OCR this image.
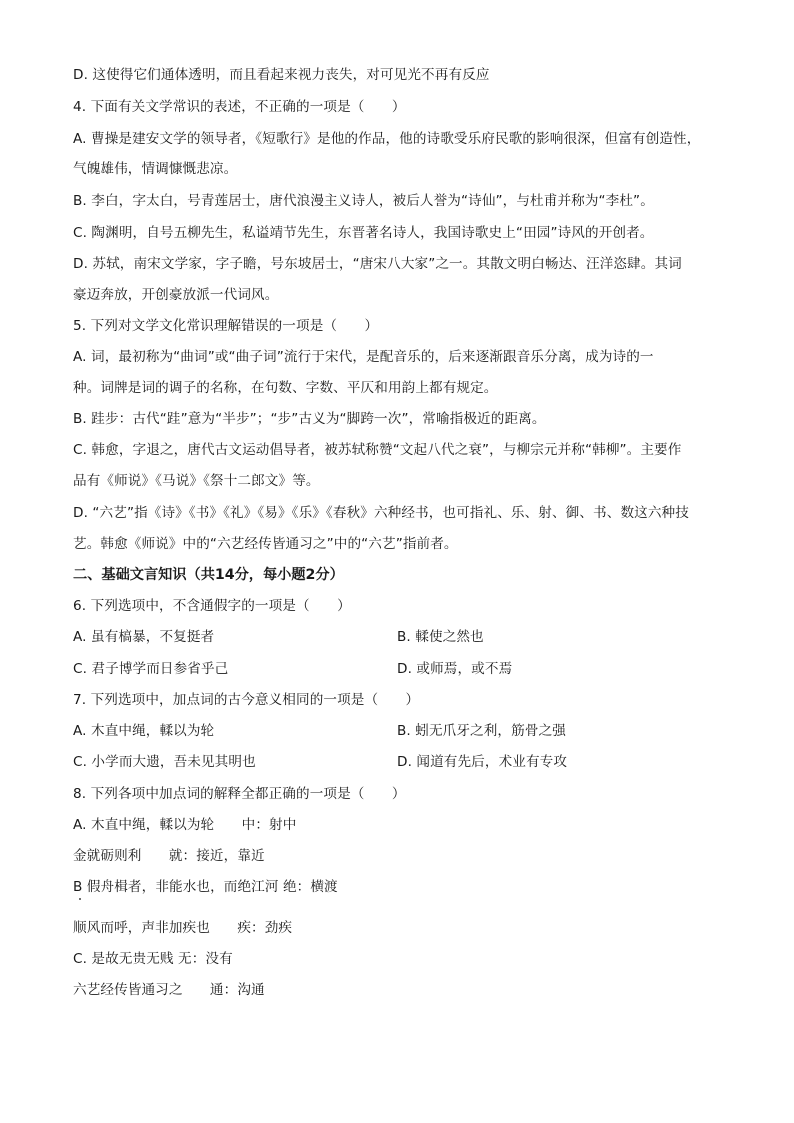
D. 这使得它们通体透明，而且看起来视力丧失，对可见光不再有反应
4. 下面有关文学常识的表述，不正确的一项是（　　）
A. 曹操是建安文学的领导者，《短歌行》是他的作品，他的诗歌受乐府民歌的影响很深，但富有创造性，
气魄雄伟，情调慷慨悲凉。
B. 李白，字太白，号青莲居士，唐代浪漫主义诗人，被后人誉为“诗仙”，与杜甫并称为“李杜”。
C. 陶渊明，自号五柳先生，私谥靖节先生，东晋著名诗人，我国诗歌史上“田园”诗风的开创者。
D. 苏轼，南宋文学家，字子瞻，号东坡居士，“唐宋八大家”之一。其散文明白畅达、汪洋恣肆。其词
豪迈奔放，开创豪放派一代词风。
5. 下列对文学文化常识理解错误的一项是（　　）
A. 词，最初称为“曲词”或“曲子词”流行于宋代，是配音乐的，后来逐渐跟音乐分离，成为诗的一
种。词牌是词的调子的名称，在句数、字数、平仄和用韵上都有规定。
B. 跬步：古代“跬”意为“半步”；“步”古义为“脚跨一次”，常喻指极近的距离。
C. 韩愈，字退之，唐代古文运动倡导者，被苏轼称赞“文起八代之衰”，与柳宗元并称“韩柳”。主要作
品有《师说》《马说》《祭十二郎文》等。
D. “六艺”指《诗》《书》《礼》《易》《乐》《春秋》六种经书，也可指礼、乐、射、御、书、数这六种技
艺。韩愈《师说》中的“六艺经传皆通习之”中的“六艺”指前者。
二、基础文言知识（共14分，每小题2分）
6. 下列选项中，不含通假字的一项是（　　）
A. 虽有槁暴，不复挺者	B. 輮使之然也
C. 君子博学而日参省乎己	D. 或师焉，或不焉
7. 下列选项中，加点词的古今意义相同的一项是（　　）
A. 木直中绳，輮以为轮	B. 蚓无爪牙之利，筋骨之强
C. 小学而大遗，吾未见其明也	D. 闻道有先后，术业有专攻
8. 下列各项中加点词的解释全都正确的一项是（　　）
A. 木直中绳，輮以为轮　　中：射中
金就砺则利　　就：接近，靠近
B 假舟楫者，非能水也，而绝江河 绝：横渡
顺风而呼，声非加疾也　　疾：劲疾
C. 是故无贵无贱 无：没有
六艺经传皆通习之　　通：沟通
